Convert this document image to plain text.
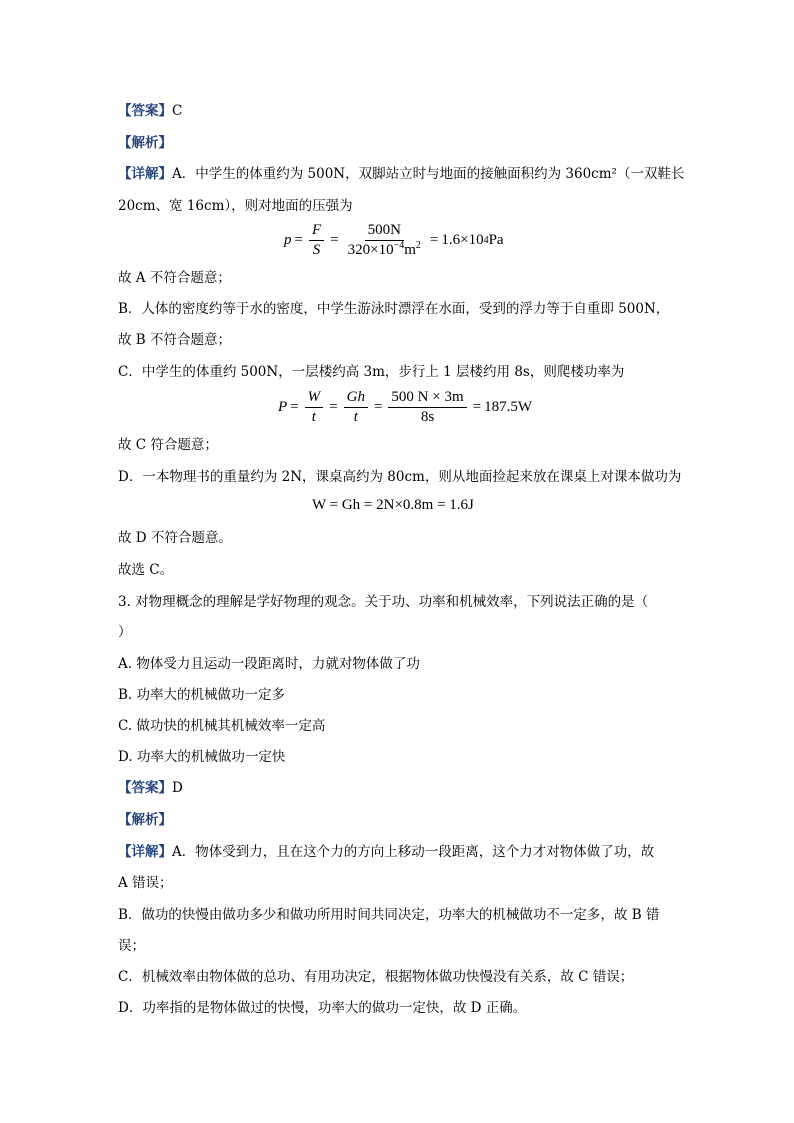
【答案】C
【解析】
【详解】A．中学生的体重约为 500N，双脚站立时与地面的接触面积约为 360cm²（一双鞋长
20cm、宽 16cm），则对地面的压强为
$p = \frac{F}{S} = \frac{500N}{320\times 10^{-4}m^2} = 1.6\times 10$ 4 Pa
故 A 不符合题意；
B．人体的密度约等于水的密度，中学生游泳时漂浮在水面，受到的浮力等于自重即 500N，
故 B 不符合题意；
C．中学生的体重约 500N，一层楼约高 3m，步行上 1 层楼约用 8s，则爬楼功率为
$P = \frac{W}{t} = \frac{Gh}{t} = \frac{500 N \times 3m}{8s} = 187.5W$
故 C 符合题意；
D．一本物理书的重量约为 2N，课桌高约为 80cm，则从地面捡起来放在课桌上对课本做功为
W = Gh = 2N×0.8m = 1.6J
故 D 不符合题意。
故选 C。
3. 对物理概念的理解是学好物理的观念。关于功、功率和机械效率，下列说法正确的是（
）
A. 物体受力且运动一段距离时，力就对物体做了功
B. 功率大的机械做功一定多
C. 做功快的机械其机械效率一定高
D. 功率大的机械做功一定快
【答案】D
【解析】
【详解】A．物体受到力，且在这个力的方向上移动一段距离，这个力才对物体做了功，故
A 错误；
B．做功的快慢由做功多少和做功所用时间共同决定，功率大的机械做功不一定多，故 B 错
误；
C．机械效率由物体做的总功、有用功决定，根据物体做功快慢没有关系，故 C 错误；
D．功率指的是物体做过的快慢，功率大的做功一定快，故 D 正确。
